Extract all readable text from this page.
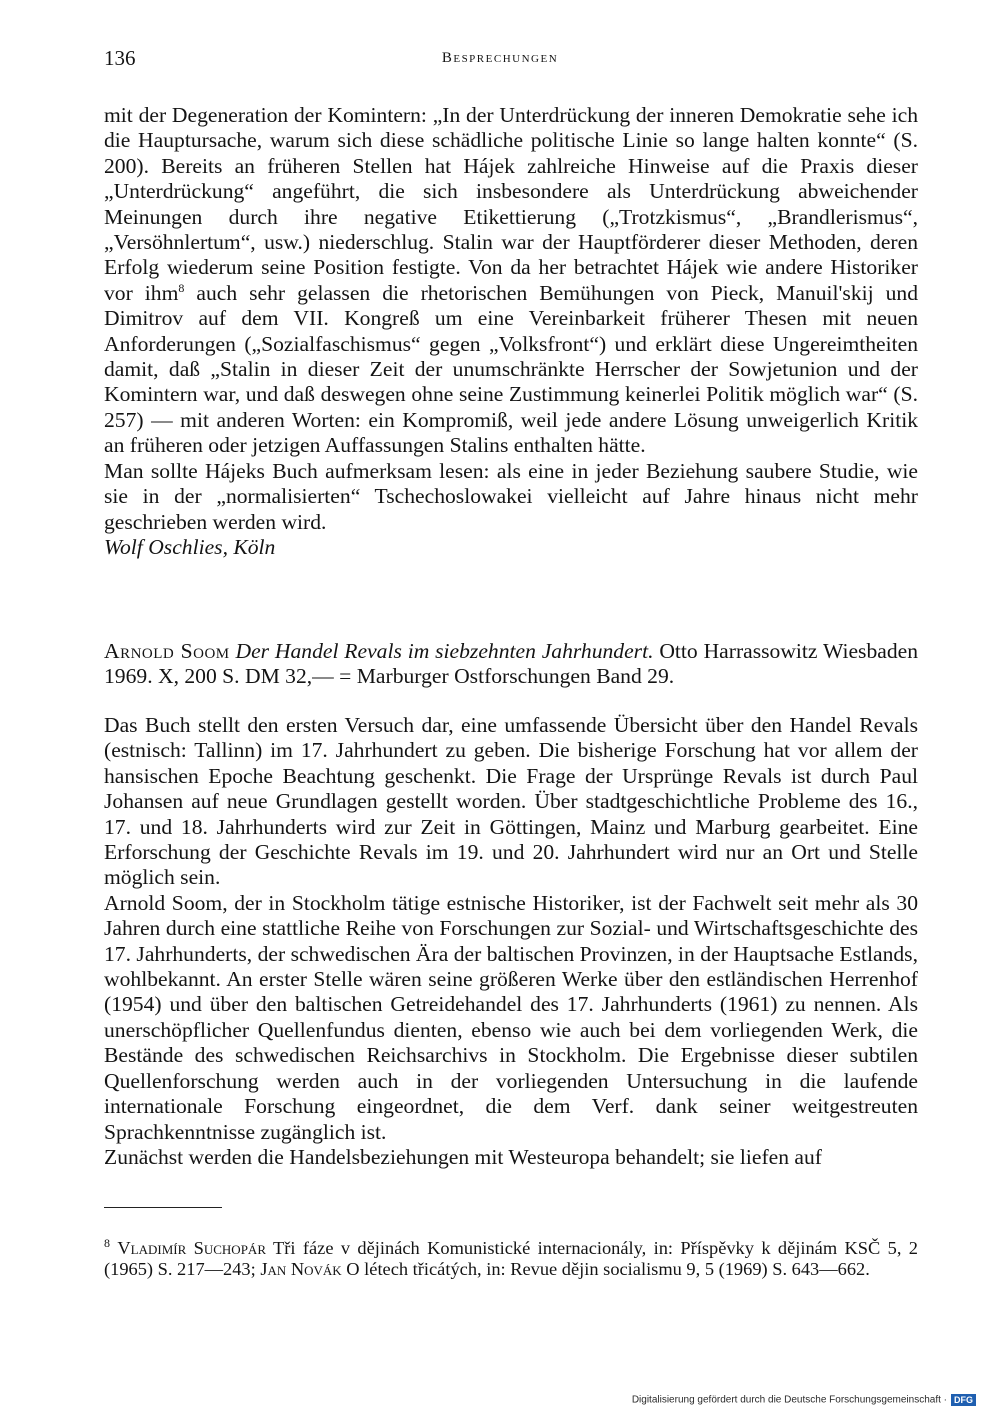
136	Besprechungen

mit der Degeneration der Komintern: „In der Unterdrückung der inneren Demokratie sehe ich die Hauptursache, warum sich diese schädliche politische Linie so lange halten konnte“ (S. 200). Bereits an früheren Stellen hat Hájek zahlreiche Hinweise auf die Praxis dieser „Unterdrückung“ angeführt, die sich insbesondere als Unterdrückung abweichender Meinungen durch ihre negative Etikettierung („Trotzkismus“, „Brandlerismus“, „Versöhnlertum“, usw.) niederschlug. Stalin war der Hauptförderer dieser Methoden, deren Erfolg wiederum seine Position festigte. Von da her betrachtet Hájek wie andere Historiker vor ihm$^8$ auch sehr gelassen die rhetorischen Bemühungen von Pieck, Manuil'skij und Dimitrov auf dem VII. Kongreß um eine Vereinbarkeit früherer Thesen mit neuen Anforderungen („Sozialfaschismus“ gegen „Volksfront“) und erklärt diese Ungereimtheiten damit, daß „Stalin in dieser Zeit der unumschränkte Herrscher der Sowjetunion und der Komintern war, und daß deswegen ohne seine Zustimmung keinerlei Politik möglich war“ (S. 257) — mit anderen Worten: ein Kompromiß, weil jede andere Lösung unweigerlich Kritik an früheren oder jetzigen Auffassungen Stalins enthalten hätte.

Man sollte Hájeks Buch aufmerksam lesen: als eine in jeder Beziehung saubere Studie, wie sie in der „normalisierten“ Tschechoslowakei vielleicht auf Jahre hinaus nicht mehr geschrieben werden wird.

Wolf Oschlies, Köln

Arnold Soom Der Handel Revals im siebzehnten Jahrhundert. Otto Harrassowitz Wiesbaden 1969. X, 200 S. DM 32,— = Marburger Ostforschungen Band 29.

Das Buch stellt den ersten Versuch dar, eine umfassende Übersicht über den Handel Revals (estnisch: Tallinn) im 17. Jahrhundert zu geben. Die bisherige Forschung hat vor allem der hansischen Epoche Beachtung geschenkt. Die Frage der Ursprünge Revals ist durch Paul Johansen auf neue Grundlagen gestellt worden. Über stadtgeschichtliche Probleme des 16., 17. und 18. Jahrhunderts wird zur Zeit in Göttingen, Mainz und Marburg gearbeitet. Eine Erforschung der Geschichte Revals im 19. und 20. Jahrhundert wird nur an Ort und Stelle möglich sein.

Arnold Soom, der in Stockholm tätige estnische Historiker, ist der Fachwelt seit mehr als 30 Jahren durch eine stattliche Reihe von Forschungen zur Sozial- und Wirtschaftsgeschichte des 17. Jahrhunderts, der schwedischen Ära der baltischen Provinzen, in der Hauptsache Estlands, wohlbekannt. An erster Stelle wären seine größeren Werke über den estländischen Herrenhof (1954) und über den baltischen Getreidehandel des 17. Jahrhunderts (1961) zu nennen. Als unerschöpflicher Quellenfundus dienten, ebenso wie auch bei dem vorliegenden Werk, die Bestände des schwedischen Reichsarchivs in Stockholm. Die Ergebnisse dieser subtilen Quellenforschung werden auch in der vorliegenden Untersuchung in die laufende internationale Forschung eingeordnet, die dem Verf. dank seiner weitgestreuten Sprachkenntnisse zugänglich ist.

Zunächst werden die Handelsbeziehungen mit Westeuropa behandelt; sie liefen auf

$^8$ Vladimír Suchopár Tři fáze v dějinách Komunistické internacionály, in: Příspěvky k dějinám KSČ 5, 2 (1965) S. 217—243; Jan Novák O létech třicátých, in: Revue dějin socialismu 9, 5 (1969) S. 643—662.

Digitalisierung gefördert durch die Deutsche Forschungsgemeinschaft · DFG
